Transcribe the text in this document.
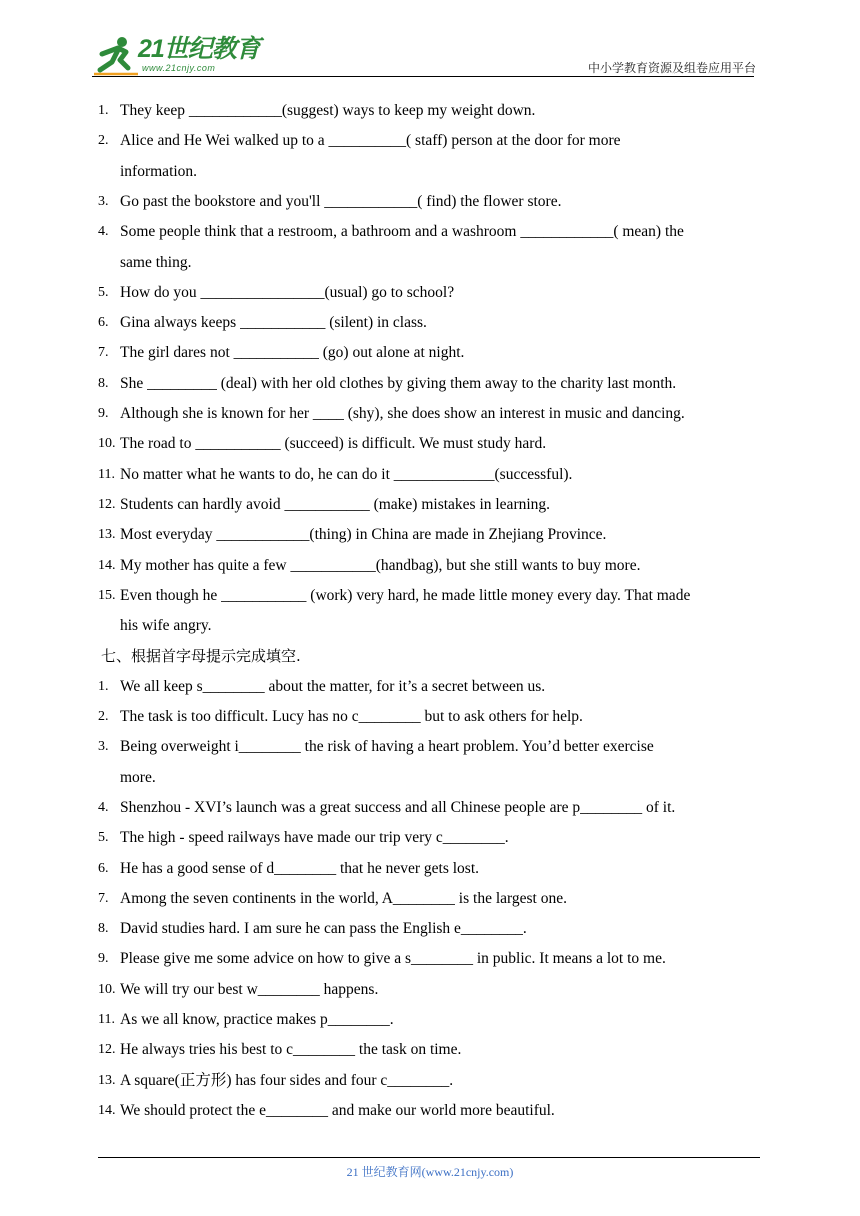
21世纪教育
www.21cnjy.com	中小学教育资源及组卷应用平台
1. They keep ____________(suggest) ways to keep my weight down.
2. Alice and He Wei walked up to a __________( staff) person at the door for more
information.
3. Go past the bookstore and you'll ____________( find) the flower store.
4. Some people think that a restroom, a bathroom and a washroom ____________( mean) the
same thing.
5. How do you ________________(usual) go to school?
6. Gina always keeps ___________ (silent) in class.
7. The girl dares not ___________ (go) out alone at night.
8. She _________ (deal) with her old clothes by giving them away to the charity last month.
9. Although she is known for her ____ (shy), she does show an interest in music and dancing.
10. The road to ___________ (succeed) is difficult. We must study hard.
11. No matter what he wants to do, he can do it _____________(successful).
12. Students can hardly avoid ___________ (make) mistakes in learning.
13. Most everyday ____________(thing) in China are made in Zhejiang Province.
14. My mother has quite a few ___________(handbag), but she still wants to buy more.
15. Even though he ___________ (work) very hard, he made little money every day. That made
his wife angry.
七、根据首字母提示完成填空.
1. We all keep s________ about the matter, for it’s a secret between us.
2. The task is too difficult. Lucy has no c________ but to ask others for help.
3. Being overweight i________ the risk of having a heart problem. You’d better exercise
more.
4. Shenzhou - XVI’s launch was a great success and all Chinese people are p________ of it.
5. The high - speed railways have made our trip very c________.
6. He has a good sense of d________ that he never gets lost.
7. Among the seven continents in the world, A________ is the largest one.
8. David studies hard. I am sure he can pass the English e________.
9. Please give me some advice on how to give a s________ in public. It means a lot to me.
10. We will try our best w________ happens.
11. As we all know, practice makes p________.
12. He always tries his best to c________ the task on time.
13. A square(正方形) has four sides and four c________.
14. We should protect the e________ and make our world more beautiful.
21 世纪教育网(www.21cnjy.com)
